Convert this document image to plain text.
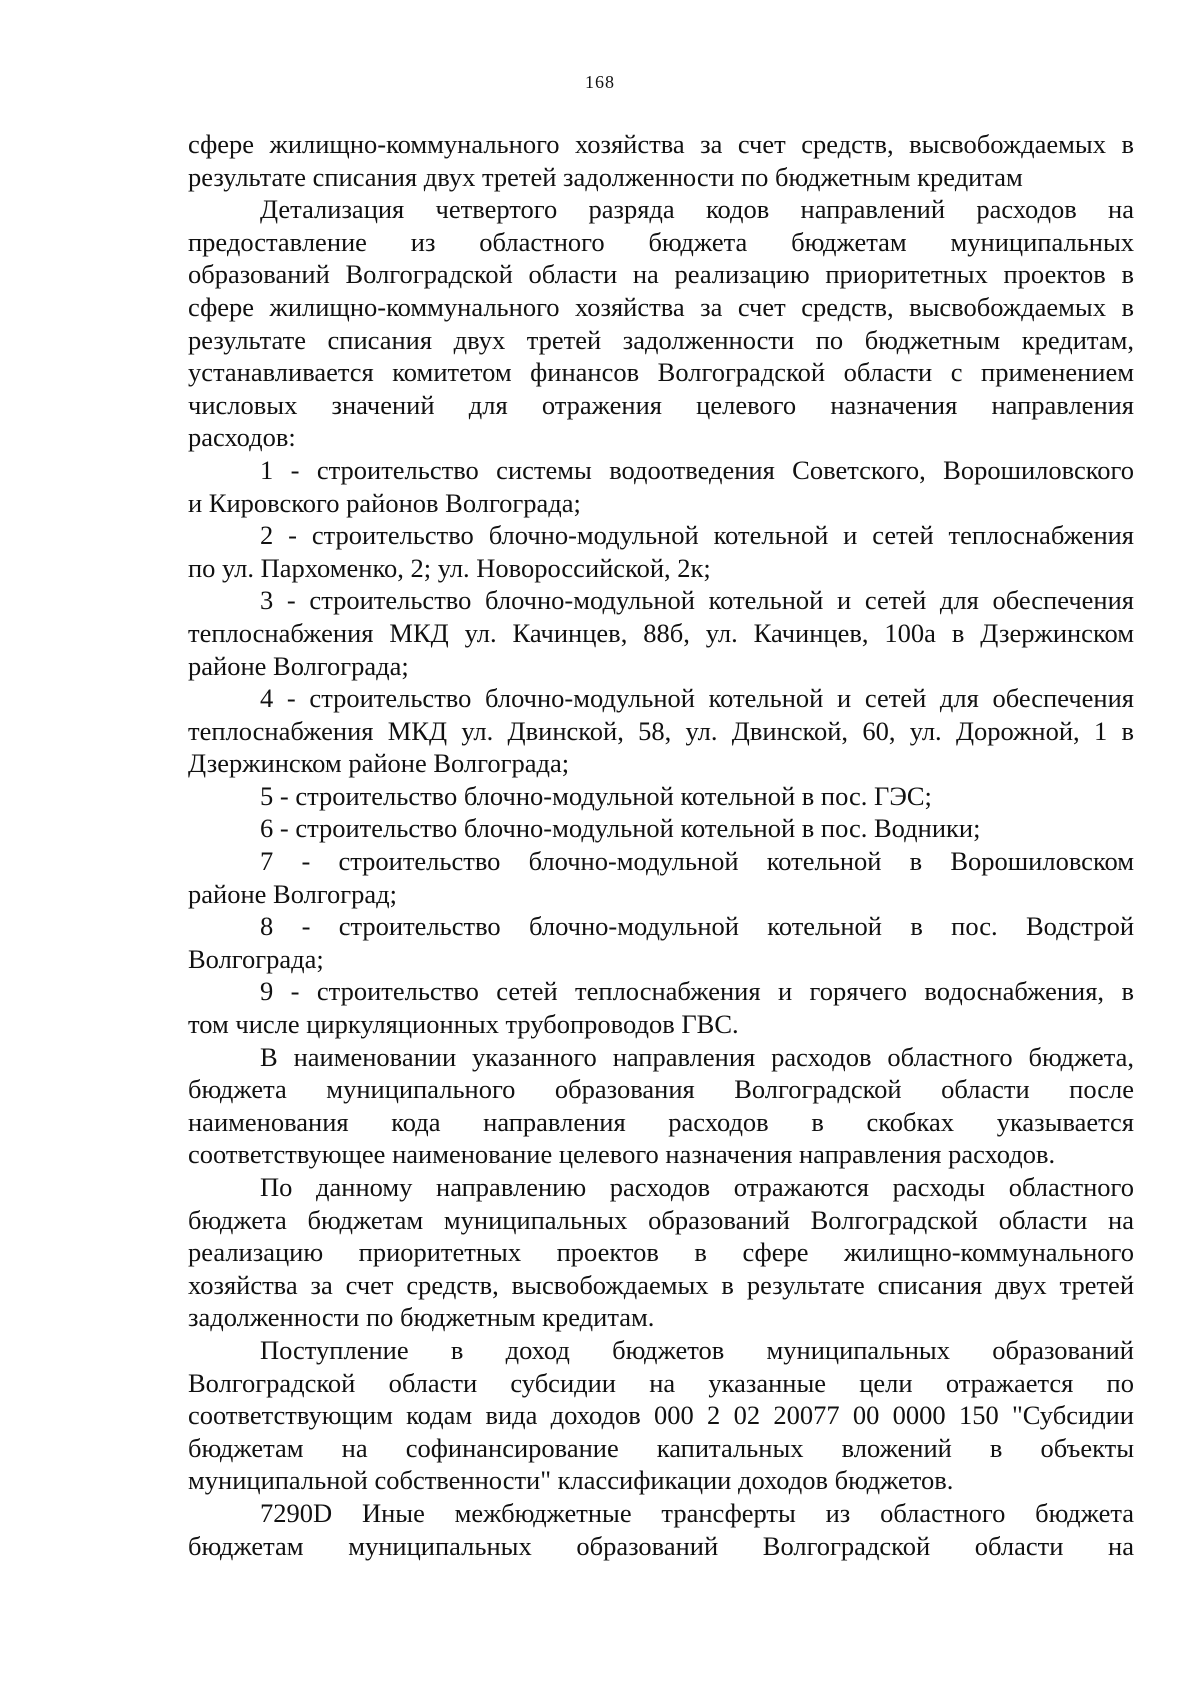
168
сфере жилищно-коммунального хозяйства за счет средств, высвобождаемых в
результате списания двух третей задолженности по бюджетным кредитам
Детализация четвертого разряда кодов направлений расходов на
предоставление из областного бюджета бюджетам муниципальных
образований Волгоградской области на реализацию приоритетных проектов в
сфере жилищно-коммунального хозяйства за счет средств, высвобождаемых в
результате списания двух третей задолженности по бюджетным кредитам,
устанавливается комитетом финансов Волгоградской области с применением
числовых значений для отражения целевого назначения направления
расходов:
1 - строительство системы водоотведения Советского, Ворошиловского
и Кировского районов Волгограда;
2 - строительство блочно-модульной котельной и сетей теплоснабжения
по ул. Пархоменко, 2; ул. Новороссийской, 2к;
3 - строительство блочно-модульной котельной и сетей для обеспечения
теплоснабжения МКД ул. Качинцев, 88б, ул. Качинцев, 100а в Дзержинском
районе Волгограда;
4 - строительство блочно-модульной котельной и сетей для обеспечения
теплоснабжения МКД ул. Двинской, 58, ул. Двинской, 60, ул. Дорожной, 1 в
Дзержинском районе Волгограда;
5 - строительство блочно-модульной котельной в пос. ГЭС;
6 - строительство блочно-модульной котельной в пос. Водники;
7 - строительство блочно-модульной котельной в Ворошиловском
районе Волгоград;
8 - строительство блочно-модульной котельной в пос. Водстрой
Волгограда;
9 - строительство сетей теплоснабжения и горячего водоснабжения, в
том числе циркуляционных трубопроводов ГВС.
В наименовании указанного направления расходов областного бюджета,
бюджета муниципального образования Волгоградской области после
наименования кода направления расходов в скобках указывается
соответствующее наименование целевого назначения направления расходов.
По данному направлению расходов отражаются расходы областного
бюджета бюджетам муниципальных образований Волгоградской области на
реализацию приоритетных проектов в сфере жилищно-коммунального
хозяйства за счет средств, высвобождаемых в результате списания двух третей
задолженности по бюджетным кредитам.
Поступление в доход бюджетов муниципальных образований
Волгоградской области субсидии на указанные цели отражается по
соответствующим кодам вида доходов 000 2 02 20077 00 0000 150 "Субсидии
бюджетам на софинансирование капитальных вложений в объекты
муниципальной собственности" классификации доходов бюджетов.
7290D Иные межбюджетные трансферты из областного бюджета
бюджетам муниципальных образований Волгоградской области на
